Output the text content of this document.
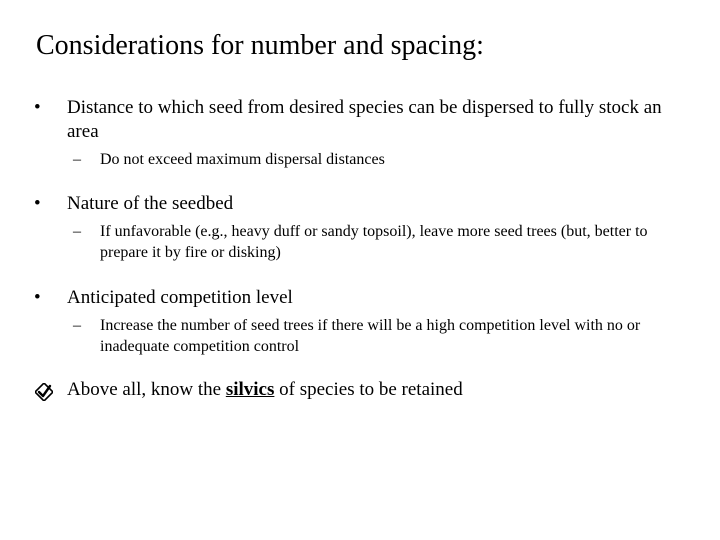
Considerations for number and spacing:
• Distance to which seed from desired species can be dispersed to fully stock an area
– Do not exceed maximum dispersal distances
• Nature of the seedbed
– If unfavorable (e.g., heavy duff or sandy topsoil), leave more seed trees (but, better to prepare it by fire or disking)
• Anticipated competition level
– Increase the number of seed trees if there will be a high competition level with no or inadequate competition control
Above all, know the silvics of species to be retained
